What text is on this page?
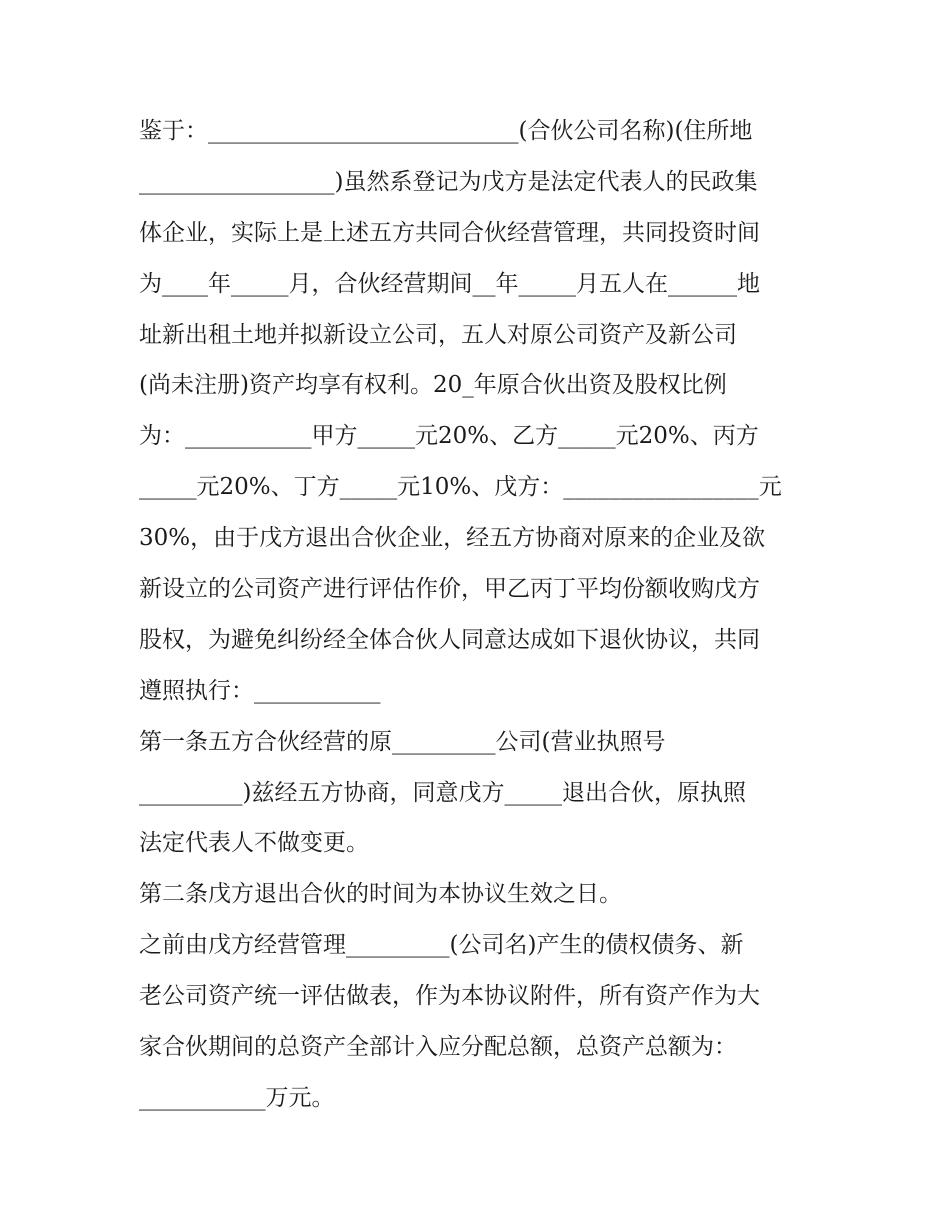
鉴于：___________________________(合伙公司名称)(住所地
_________________)虽然系登记为戊方是法定代表人的民政集
体企业，实际上是上述五方共同合伙经营管理，共同投资时间
为____年_____月，合伙经营期间__年_____月五人在______地
址新出租土地并拟新设立公司，五人对原公司资产及新公司
(尚未注册)资产均享有权利。20_年原合伙出资及股权比例
为：___________甲方_____元20%、乙方_____元20%、丙方
_____元20%、丁方_____元10%、戊方：_________________元
30%，由于戊方退出合伙企业，经五方协商对原来的企业及欲
新设立的公司资产进行评估作价，甲乙丙丁平均份额收购戊方
股权，为避免纠纷经全体合伙人同意达成如下退伙协议，共同
遵照执行：___________
第一条五方合伙经营的原_________公司(营业执照号
_________)兹经五方协商，同意戊方_____退出合伙，原执照
法定代表人不做变更。
第二条戊方退出合伙的时间为本协议生效之日。
之前由戊方经营管理_________(公司名)产生的债权债务、新
老公司资产统一评估做表，作为本协议附件，所有资产作为大
家合伙期间的总资产全部计入应分配总额，总资产总额为：
___________万元。
